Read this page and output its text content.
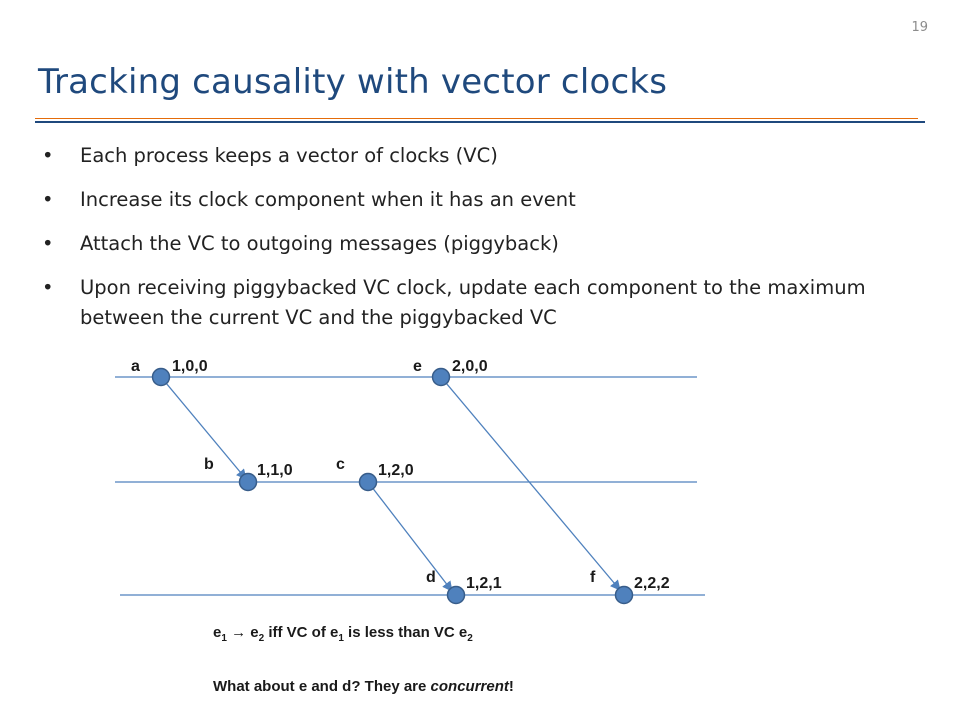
19
Tracking causality with vector clocks
• Each process keeps a vector of clocks (VC)
• Increase its clock component when it has an event
• Attach the VC to outgoing messages (piggyback)
• Upon receiving piggybacked VC clock, update each component to the maximum between the current VC and the piggybacked VC
a 1,0,0	e 2,0,0
b	1,1,0	c 1,2,0
d 1,2,1	f 2,2,2
$e_1 \to e_2$ iff VC of $e_1$ is less than VC $e_2$
What about e and d? They are concurrent!
